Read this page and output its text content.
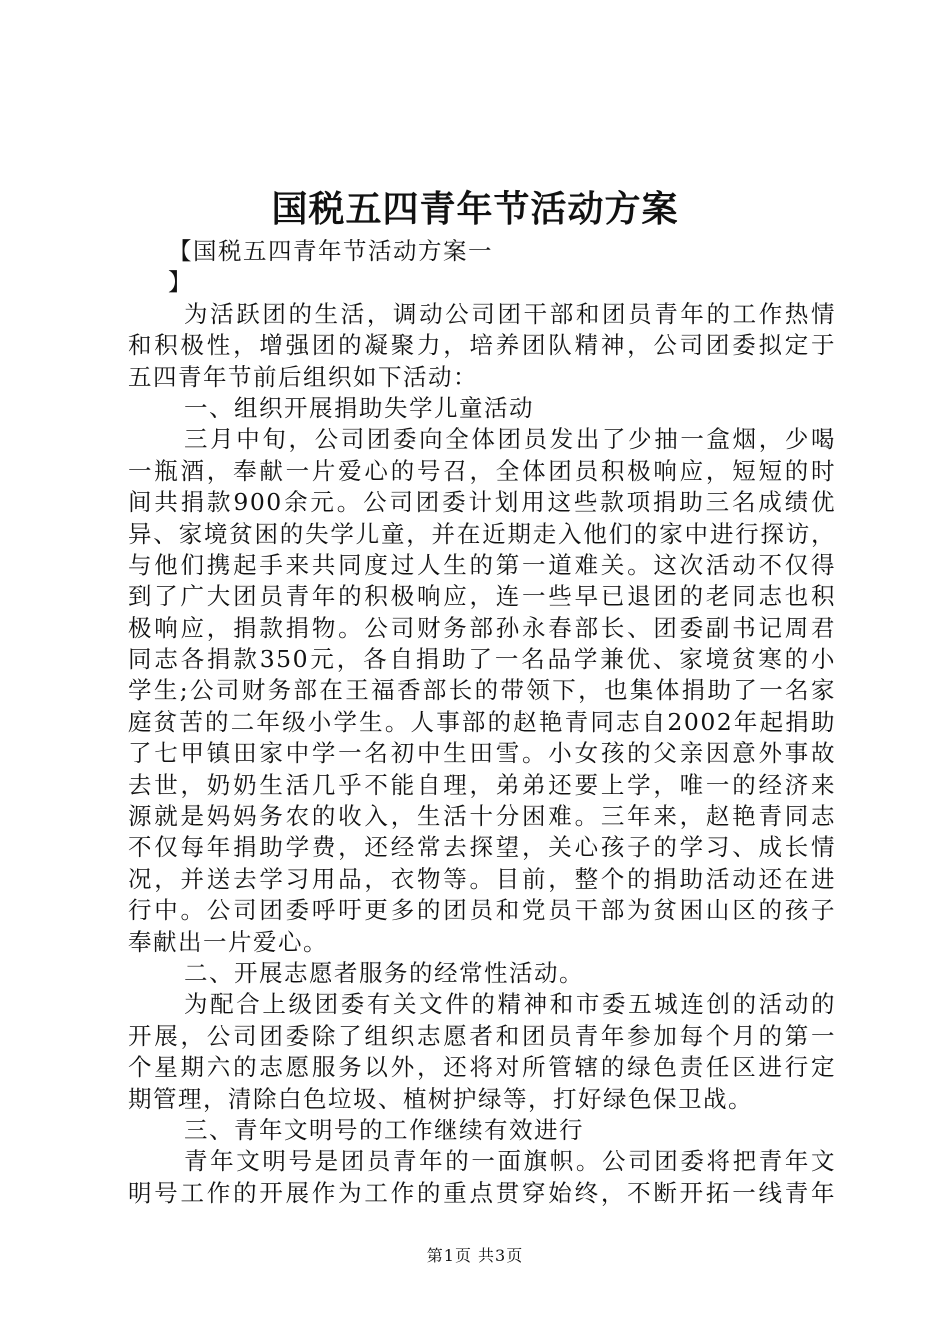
国税五四青年节活动方案
【国税五四青年节活动方案一
】
为活跃团的生活，调动公司团干部和团员青年的工作热情
和积极性，增强团的凝聚力，培养团队精神，公司团委拟定于
五四青年节前后组织如下活动：
一、组织开展捐助失学儿童活动
三月中旬，公司团委向全体团员发出了少抽一盒烟，少喝
一瓶酒，奉献一片爱心的号召，全体团员积极响应，短短的时
间共捐款900余元。公司团委计划用这些款项捐助三名成绩优
异、家境贫困的失学儿童，并在近期走入他们的家中进行探访，
与他们携起手来共同度过人生的第一道难关。这次活动不仅得
到了广大团员青年的积极响应，连一些早已退团的老同志也积
极响应，捐款捐物。公司财务部孙永春部长、团委副书记周君
同志各捐款350元，各自捐助了一名品学兼优、家境贫寒的小
学生;公司财务部在王福香部长的带领下，也集体捐助了一名家
庭贫苦的二年级小学生。人事部的赵艳青同志自2002年起捐助
了七甲镇田家中学一名初中生田雪。小女孩的父亲因意外事故
去世，奶奶生活几乎不能自理，弟弟还要上学，唯一的经济来
源就是妈妈务农的收入，生活十分困难。三年来，赵艳青同志
不仅每年捐助学费，还经常去探望，关心孩子的学习、成长情
况，并送去学习用品，衣物等。目前，整个的捐助活动还在进
行中。公司团委呼吁更多的团员和党员干部为贫困山区的孩子
奉献出一片爱心。
二、开展志愿者服务的经常性活动。
为配合上级团委有关文件的精神和市委五城连创的活动的
开展，公司团委除了组织志愿者和团员青年参加每个月的第一
个星期六的志愿服务以外，还将对所管辖的绿色责任区进行定
期管理，清除白色垃圾、植树护绿等，打好绿色保卫战。
三、青年文明号的工作继续有效进行
青年文明号是团员青年的一面旗帜。公司团委将把青年文
明号工作的开展作为工作的重点贯穿始终，不断开拓一线青年
第1页 共3页
